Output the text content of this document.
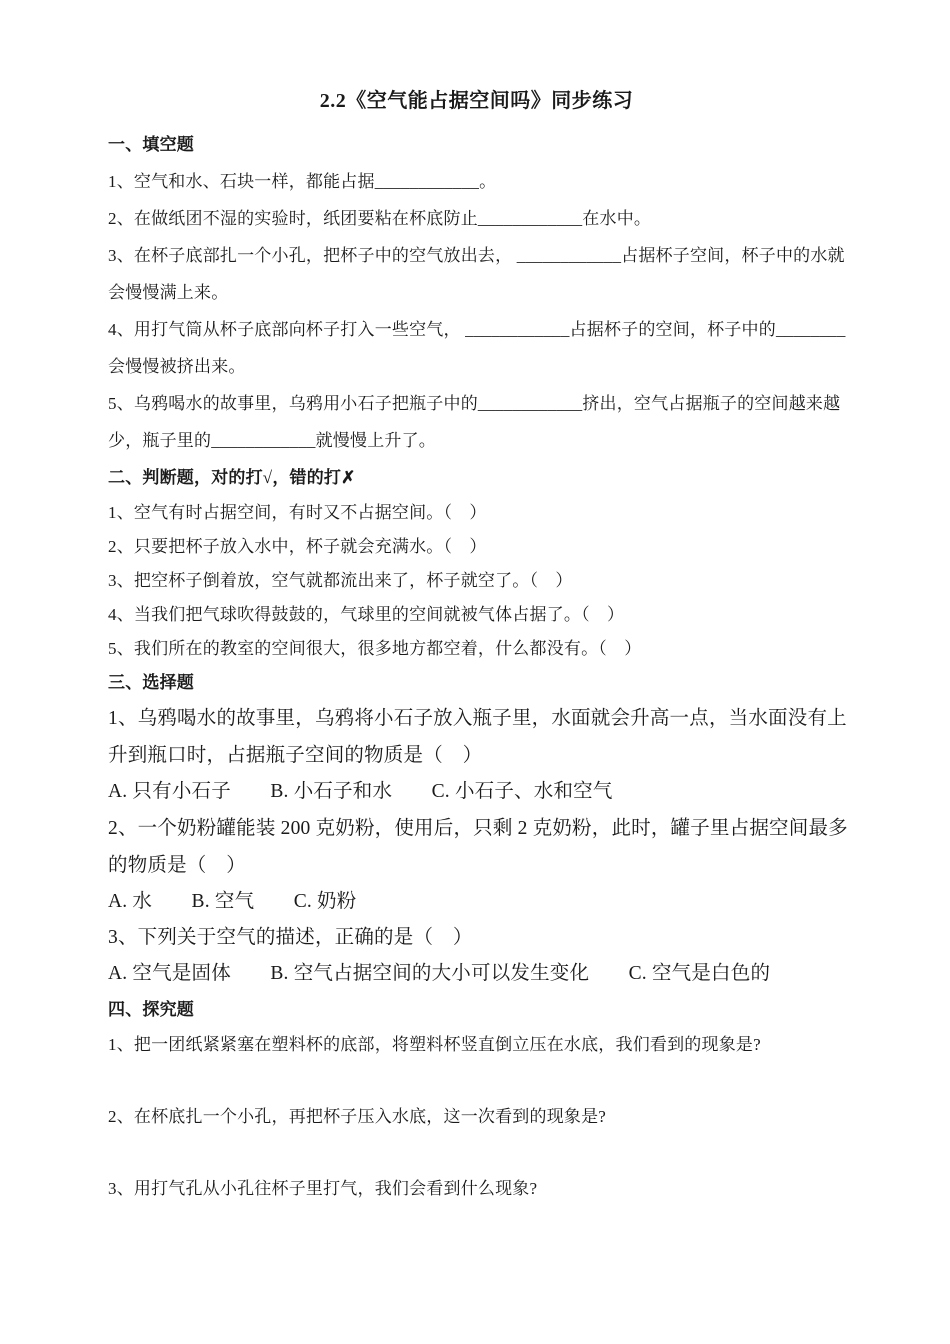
2.2《空气能占据空间吗》同步练习
一、填空题
1、空气和水、石块一样，都能占据____________。
2、在做纸团不湿的实验时，纸团要粘在杯底防止____________在水中。
3、在杯子底部扎一个小孔，把杯子中的空气放出去， ____________占据杯子空间，杯子中的水就
会慢慢满上来。
4、用打气筒从杯子底部向杯子打入一些空气， ____________占据杯子的空间，杯子中的________
会慢慢被挤出来。
5、乌鸦喝水的故事里，乌鸦用小石子把瓶子中的____________挤出，空气占据瓶子的空间越来越
少，瓶子里的____________就慢慢上升了。
二、判断题，对的打√，错的打✗
1、空气有时占据空间，有时又不占据空间。（　）
2、只要把杯子放入水中，杯子就会充满水。（　）
3、把空杯子倒着放，空气就都流出来了，杯子就空了。（　）
4、当我们把气球吹得鼓鼓的，气球里的空间就被气体占据了。（　）
5、我们所在的教室的空间很大，很多地方都空着，什么都没有。（　）
三、选择题
1、乌鸦喝水的故事里，乌鸦将小石子放入瓶子里，水面就会升高一点，当水面没有上
升到瓶口时，占据瓶子空间的物质是（　）
A. 只有小石子　　B. 小石子和水　　C. 小石子、水和空气
2、一个奶粉罐能装 200 克奶粉，使用后，只剩 2 克奶粉，此时，罐子里占据空间最多
的物质是（　）
A. 水　　B. 空气　　C. 奶粉
3、下列关于空气的描述，正确的是（　）
A. 空气是固体　　B. 空气占据空间的大小可以发生变化　　C. 空气是白色的
四、探究题
1、把一团纸紧紧塞在塑料杯的底部，将塑料杯竖直倒立压在水底，我们看到的现象是?
2、在杯底扎一个小孔，再把杯子压入水底，这一次看到的现象是?
3、用打气孔从小孔往杯子里打气，我们会看到什么现象?
